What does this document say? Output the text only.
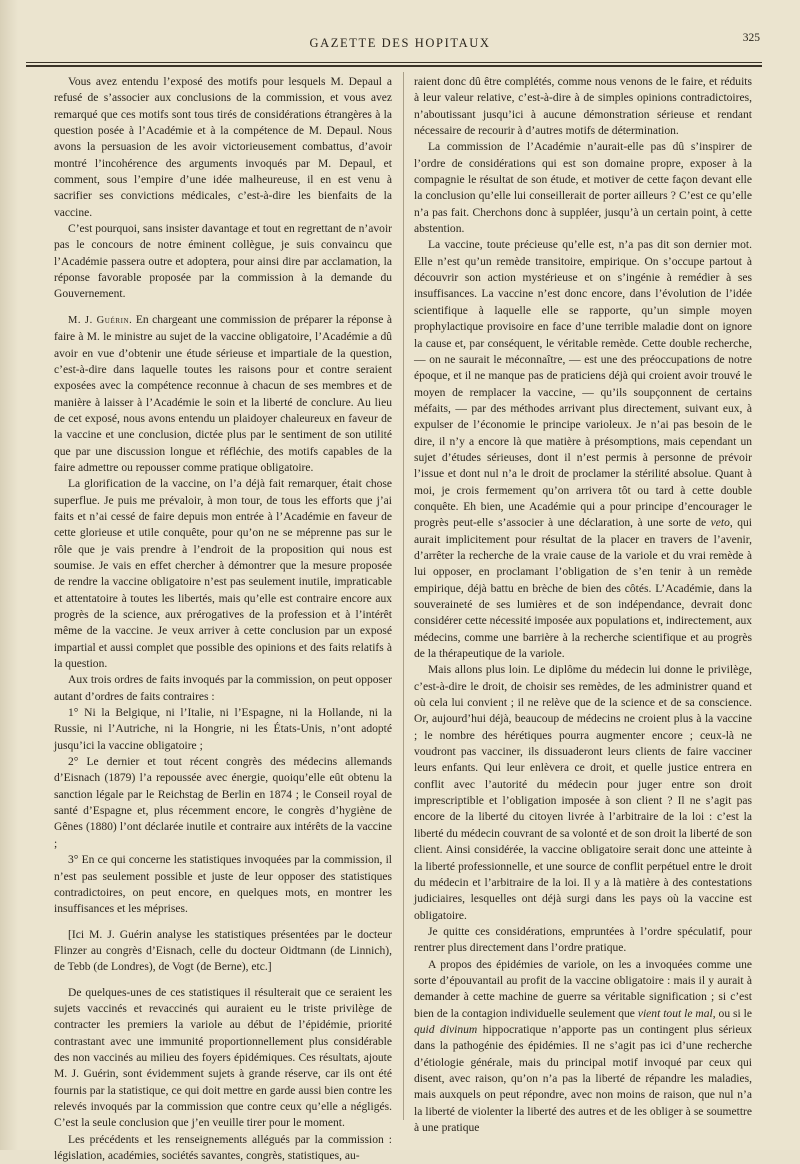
GAZETTE DES HOPITAUX	325

Vous avez entendu l’exposé des motifs pour lesquels M. Depaul a refusé de s’associer aux conclusions de la commission, et vous avez remarqué que ces motifs sont tous tirés de considérations étrangères à la question posée à l’Académie et à la compétence de M. Depaul. Nous avons la persuasion de les avoir victorieusement combattus, d’avoir montré l’incohérence des arguments invoqués par M. Depaul, et comment, sous l’empire d’une idée malheureuse, il en est venu à sacrifier ses convictions médicales, c’est-à-dire les bienfaits de la vaccine.

C’est pourquoi, sans insister davantage et tout en regrettant de n’avoir pas le concours de notre éminent collègue, je suis convaincu que l’Académie passera outre et adoptera, pour ainsi dire par acclamation, la réponse favorable proposée par la commission à la demande du Gouvernement.

M. J. Guérin. En chargeant une commission de préparer la réponse à faire à M. le ministre au sujet de la vaccine obligatoire, l’Académie a dû avoir en vue d’obtenir une étude sérieuse et impartiale de la question, c’est-à-dire dans laquelle toutes les raisons pour et contre seraient exposées avec la compétence reconnue à chacun de ses membres et de manière à laisser à l’Académie le soin et la liberté de conclure. Au lieu de cet exposé, nous avons entendu un plaidoyer chaleureux en faveur de la vaccine et une conclusion, dictée plus par le sentiment de son utilité que par une discussion longue et réfléchie, des motifs capables de la faire admettre ou repousser comme pratique obligatoire.

La glorification de la vaccine, on l’a déjà fait remarquer, était chose superflue. Je puis me prévaloir, à mon tour, de tous les efforts que j’ai faits et n’ai cessé de faire depuis mon entrée à l’Académie en faveur de cette glorieuse et utile conquête, pour qu’on ne se méprenne pas sur le rôle que je vais prendre à l’endroit de la proposition qui nous est soumise. Je vais en effet chercher à démontrer que la mesure proposée de rendre la vaccine obligatoire n’est pas seulement inutile, impraticable et attentatoire à toutes les libertés, mais qu’elle est contraire encore aux progrès de la science, aux prérogatives de la profession et à l’intérêt même de la vaccine. Je veux arriver à cette conclusion par un exposé impartial et aussi complet que possible des opinions et des faits relatifs à la question.

Aux trois ordres de faits invoqués par la commission, on peut opposer autant d’ordres de faits contraires :

1° Ni la Belgique, ni l’Italie, ni l’Espagne, ni la Hollande, ni la Russie, ni l’Autriche, ni la Hongrie, ni les États-Unis, n’ont adopté jusqu’ici la vaccine obligatoire ;

2° Le dernier et tout récent congrès des médecins allemands d’Eisnach (1879) l’a repoussée avec énergie, quoiqu’elle eût obtenu la sanction légale par le Reichstag de Berlin en 1874 ; le Conseil royal de santé d’Espagne et, plus récemment encore, le congrès d’hygiène de Gênes (1880) l’ont déclarée inutile et contraire aux intérêts de la vaccine ;

3° En ce qui concerne les statistiques invoquées par la commission, il n’est pas seulement possible et juste de leur opposer des statistiques contradictoires, on peut encore, en quelques mots, en montrer les insuffisances et les méprises.

[Ici M. J. Guérin analyse les statistiques présentées par le docteur Flinzer au congrès d’Eisnach, celle du docteur Oidtmann (de Linnich), de Tebb (de Londres), de Vogt (de Berne), etc.]

De quelques-unes de ces statistiques il résulterait que ce seraient les sujets vaccinés et revaccinés qui auraient eu le triste privilège de contracter les premiers la variole au début de l’épidémie, priorité contrastant avec une immunité proportionnellement plus considérable des non vaccinés au milieu des foyers épidémiques. Ces résultats, ajoute M. J. Guérin, sont évidemment sujets à grande réserve, car ils ont été fournis par la statistique, ce qui doit mettre en garde aussi bien contre les relevés invoqués par la commission que contre ceux qu’elle a négligés. C’est la seule conclusion que j’en veuille tirer pour le moment.

Les précédents et les renseignements allégués par la commission : législation, académies, sociétés savantes, congrès, statistiques, au-

raient donc dû être complétés, comme nous venons de le faire, et réduits à leur valeur relative, c’est-à-dire à de simples opinions contradictoires, n’aboutissant jusqu’ici à aucune démonstration sérieuse et rendant nécessaire de recourir à d’autres motifs de détermination.

La commission de l’Académie n’aurait-elle pas dû s’inspirer de l’ordre de considérations qui est son domaine propre, exposer à la compagnie le résultat de son étude, et motiver de cette façon devant elle la conclusion qu’elle lui conseillerait de porter ailleurs ? C’est ce qu’elle n’a pas fait. Cherchons donc à suppléer, jusqu’à un certain point, à cette abstention.

La vaccine, toute précieuse qu’elle est, n’a pas dit son dernier mot. Elle n’est qu’un remède transitoire, empirique. On s’occupe partout à découvrir son action mystérieuse et on s’ingénie à remédier à ses insuffisances. La vaccine n’est donc encore, dans l’évolution de l’idée scientifique à laquelle elle se rapporte, qu’un simple moyen prophylactique provisoire en face d’une terrible maladie dont on ignore la cause et, par conséquent, le véritable remède. Cette double recherche, — on ne saurait le méconnaître, — est une des préoccupations de notre époque, et il ne manque pas de praticiens déjà qui croient avoir trouvé le moyen de remplacer la vaccine, — qu’ils soupçonnent de certains méfaits, — par des méthodes arrivant plus directement, suivant eux, à expulser de l’économie le principe varioleux. Je n’ai pas besoin de le dire, il n’y a encore là que matière à présomptions, mais cependant un sujet d’études sérieuses, dont il n’est permis à personne de prévoir l’issue et dont nul n’a le droit de proclamer la stérilité absolue. Quant à moi, je crois fermement qu’on arrivera tôt ou tard à cette double conquête. Eh bien, une Académie qui a pour principe d’encourager le progrès peut-elle s’associer à une déclaration, à une sorte de veto, qui aurait implicitement pour résultat de la placer en travers de l’avenir, d’arrêter la recherche de la vraie cause de la variole et du vrai remède à lui opposer, en proclamant l’obligation de s’en tenir à un remède empirique, déjà battu en brèche de bien des côtés. L’Académie, dans la souveraineté de ses lumières et de son indépendance, devrait donc considérer cette nécessité imposée aux populations et, indirectement, aux médecins, comme une barrière à la recherche scientifique et au progrès de la thérapeutique de la variole.

Mais allons plus loin. Le diplôme du médecin lui donne le privilège, c’est-à-dire le droit, de choisir ses remèdes, de les administrer quand et où cela lui convient ; il ne relève que de la science et de sa conscience. Or, aujourd’hui déjà, beaucoup de médecins ne croient plus à la vaccine ; le nombre des hérétiques pourra augmenter encore ; ceux-là ne voudront pas vacciner, ils dissuaderont leurs clients de faire vacciner leurs enfants. Qui leur enlèvera ce droit, et quelle justice entrera en conflit avec l’autorité du médecin pour juger entre son droit imprescriptible et l’obligation imposée à son client ? Il ne s’agit pas encore de la liberté du citoyen livrée à l’arbitraire de la loi : c’est la liberté du médecin couvrant de sa volonté et de son droit la liberté de son client. Ainsi considérée, la vaccine obligatoire serait donc une atteinte à la liberté professionnelle, et une source de conflit perpétuel entre le droit du médecin et l’arbitraire de la loi. Il y a là matière à des contestations judiciaires, lesquelles ont déjà surgi dans les pays où la vaccine est obligatoire.

Je quitte ces considérations, empruntées à l’ordre spéculatif, pour rentrer plus directement dans l’ordre pratique.

A propos des épidémies de variole, on les a invoquées comme une sorte d’épouvantail au profit de la vaccine obligatoire : mais il y aurait à demander à cette machine de guerre sa véritable signification ; si c’est bien de la contagion individuelle seulement que vient tout le mal, ou si le quid divinum hippocratique n’apporte pas un contingent plus sérieux dans la pathogénie des épidémies. Il ne s’agit pas ici d’une recherche d’étiologie générale, mais du principal motif invoqué par ceux qui disent, avec raison, qu’on n’a pas la liberté de répandre les maladies, mais auxquels on peut répondre, avec non moins de raison, que nul n’a la liberté de violenter la liberté des autres et de les obliger à se soumettre à une pratique
